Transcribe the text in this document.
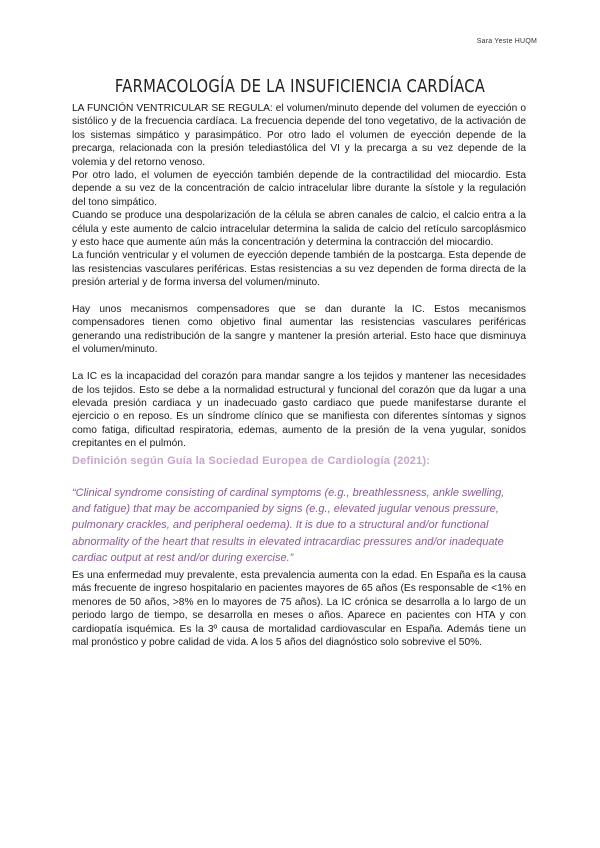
Sara Yeste HUQM
FARMACOLOGÍA DE LA INSUFICIENCIA CARDÍACA

LA FUNCIÓN VENTRICULAR SE REGULA: el volumen/minuto depende del volumen de eyección o sistólico y de la frecuencia cardíaca. La frecuencia depende del tono vegetativo, de la activación de los sistemas simpático y parasimpático. Por otro lado el volumen de eyección depende de la precarga, relacionada con la presión telediastólica del VI y la precarga a su vez depende de la volemia y del retorno venoso.

Por otro lado, el volumen de eyección también depende de la contractilidad del miocardio. Esta depende a su vez de la concentración de calcio intracelular libre durante la sístole y la regulación del tono simpático.

Cuando se produce una despolarización de la célula se abren canales de calcio, el calcio entra a la célula y este aumento de calcio intracelular determina la salida de calcio del retículo sarcoplásmico y esto hace que aumente aún más la concentración y determina la contracción del miocardio.

La función ventricular y el volumen de eyección depende también de la postcarga. Esta depende de las resistencias vasculares periféricas. Estas resistencias a su vez dependen de forma directa de la presión arterial y de forma inversa del volumen/minuto.

Hay unos mecanismos compensadores que se dan durante la IC. Estos mecanismos compensadores tienen como objetivo final aumentar las resistencias vasculares periféricas generando una redistribución de la sangre y mantener la presión arterial. Esto hace que disminuya el volumen/minuto.

La IC es la incapacidad del corazón para mandar sangre a los tejidos y mantener las necesidades de los tejidos. Esto se debe a la normalidad estructural y funcional del corazón que da lugar a una elevada presión cardiaca y un inadecuado gasto cardiaco que puede manifestarse durante el ejercicio o en reposo. Es un síndrome clínico que se manifiesta con diferentes síntomas y signos como fatiga, dificultad respiratoria, edemas, aumento de la presión de la vena yugular, sonidos crepitantes en el pulmón.

Definición según Guía la Sociedad Europea de Cardiología (2021):
“Clinical syndrome consisting of cardinal symptoms (e.g., breathlessness, ankle swelling, and fatigue) that may be accompanied by signs (e.g., elevated jugular venous pressure, pulmonary crackles, and peripheral oedema). It is due to a structural and/or functional abnormality of the heart that results in elevated intracardiac pressures and/or inadequate cardiac output at rest and/or during exercise.”

Es una enfermedad muy prevalente, esta prevalencia aumenta con la edad. En España es la causa más frecuente de ingreso hospitalario en pacientes mayores de 65 años (Es responsable de <1% en menores de 50 años, >8% en lo mayores de 75 años). La IC crónica se desarrolla a lo largo de un periodo largo de tiempo, se desarrolla en meses o años. Aparece en pacientes con HTA y con cardiopatía isquémica. Es la 3º causa de mortalidad cardiovascular en España. Además tiene un mal pronóstico y pobre calidad de vida. A los 5 años del diagnóstico solo sobrevive el 50%.
